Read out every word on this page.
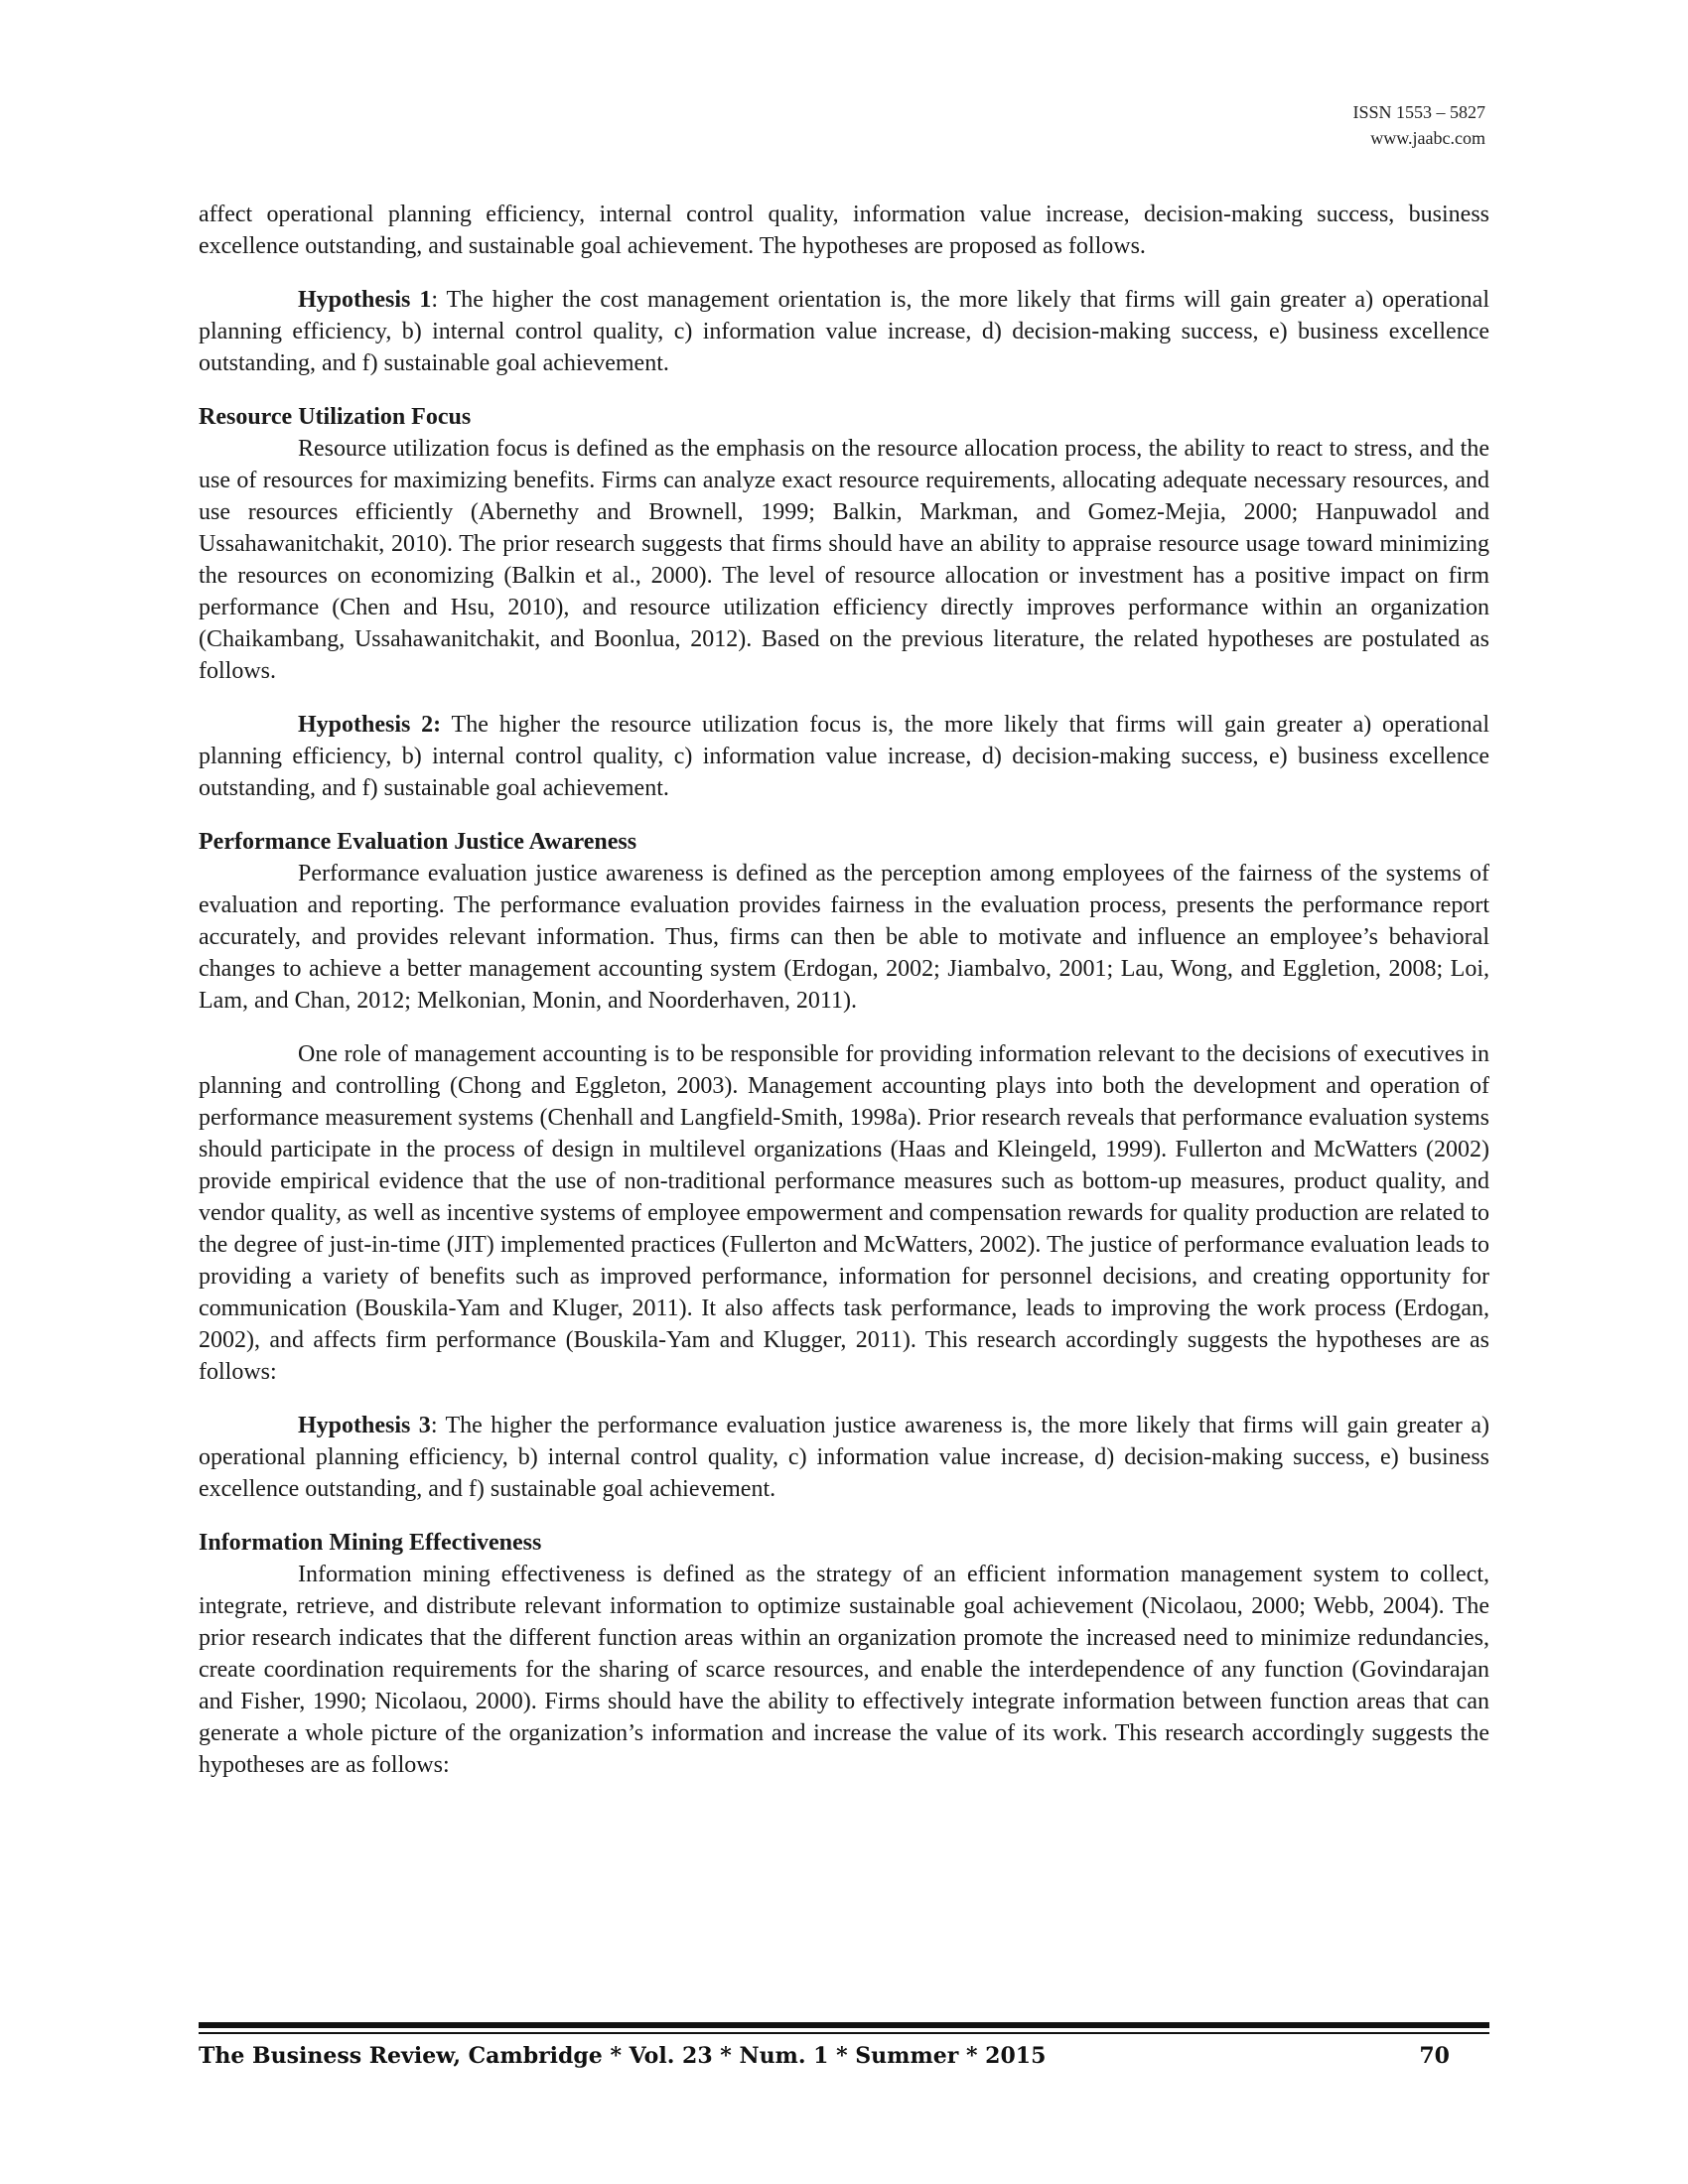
ISSN 1553 – 5827
www.jaabc.com

affect operational planning efficiency, internal control quality, information value increase, decision-making success, business excellence outstanding, and sustainable goal achievement. The hypotheses are proposed as follows.

Hypothesis 1: The higher the cost management orientation is, the more likely that firms will gain greater a) operational planning efficiency, b) internal control quality, c) information value increase, d) decision-making success, e) business excellence outstanding, and f) sustainable goal achievement.

Resource Utilization Focus

Resource utilization focus is defined as the emphasis on the resource allocation process, the ability to react to stress, and the use of resources for maximizing benefits. Firms can analyze exact resource requirements, allocating adequate necessary resources, and use resources efficiently (Abernethy and Brownell, 1999; Balkin, Markman, and Gomez-Mejia, 2000; Hanpuwadol and Ussahawanitchakit, 2010). The prior research suggests that firms should have an ability to appraise resource usage toward minimizing the resources on economizing (Balkin et al., 2000). The level of resource allocation or investment has a positive impact on firm performance (Chen and Hsu, 2010), and resource utilization efficiency directly improves performance within an organization (Chaikambang, Ussahawanitchakit, and Boonlua, 2012). Based on the previous literature, the related hypotheses are postulated as follows.

Hypothesis 2: The higher the resource utilization focus is, the more likely that firms will gain greater a) operational planning efficiency, b) internal control quality, c) information value increase, d) decision-making success, e) business excellence outstanding, and f) sustainable goal achievement.

Performance Evaluation Justice Awareness

Performance evaluation justice awareness is defined as the perception among employees of the fairness of the systems of evaluation and reporting. The performance evaluation provides fairness in the evaluation process, presents the performance report accurately, and provides relevant information. Thus, firms can then be able to motivate and influence an employee’s behavioral changes to achieve a better management accounting system (Erdogan, 2002; Jiambalvo, 2001; Lau, Wong, and Eggletion, 2008; Loi, Lam, and Chan, 2012; Melkonian, Monin, and Noorderhaven, 2011).

One role of management accounting is to be responsible for providing information relevant to the decisions of executives in planning and controlling (Chong and Eggleton, 2003). Management accounting plays into both the development and operation of performance measurement systems (Chenhall and Langfield-Smith, 1998a). Prior research reveals that performance evaluation systems should participate in the process of design in multilevel organizations (Haas and Kleingeld, 1999). Fullerton and McWatters (2002) provide empirical evidence that the use of non-traditional performance measures such as bottom-up measures, product quality, and vendor quality, as well as incentive systems of employee empowerment and compensation rewards for quality production are related to the degree of just-in-time (JIT) implemented practices (Fullerton and McWatters, 2002). The justice of performance evaluation leads to providing a variety of benefits such as improved performance, information for personnel decisions, and creating opportunity for communication (Bouskila-Yam and Kluger, 2011). It also affects task performance, leads to improving the work process (Erdogan, 2002), and affects firm performance (Bouskila-Yam and Klugger, 2011). This research accordingly suggests the hypotheses are as follows:

Hypothesis 3: The higher the performance evaluation justice awareness is, the more likely that firms will gain greater a) operational planning efficiency, b) internal control quality, c) information value increase, d) decision-making success, e) business excellence outstanding, and f) sustainable goal achievement.

Information Mining Effectiveness

Information mining effectiveness is defined as the strategy of an efficient information management system to collect, integrate, retrieve, and distribute relevant information to optimize sustainable goal achievement (Nicolaou, 2000; Webb, 2004). The prior research indicates that the different function areas within an organization promote the increased need to minimize redundancies, create coordination requirements for the sharing of scarce resources, and enable the interdependence of any function (Govindarajan and Fisher, 1990; Nicolaou, 2000). Firms should have the ability to effectively integrate information between function areas that can generate a whole picture of the organization’s information and increase the value of its work. This research accordingly suggests the hypotheses are as follows:

The Business Review, Cambridge * Vol. 23 * Num. 1 * Summer * 2015	70
